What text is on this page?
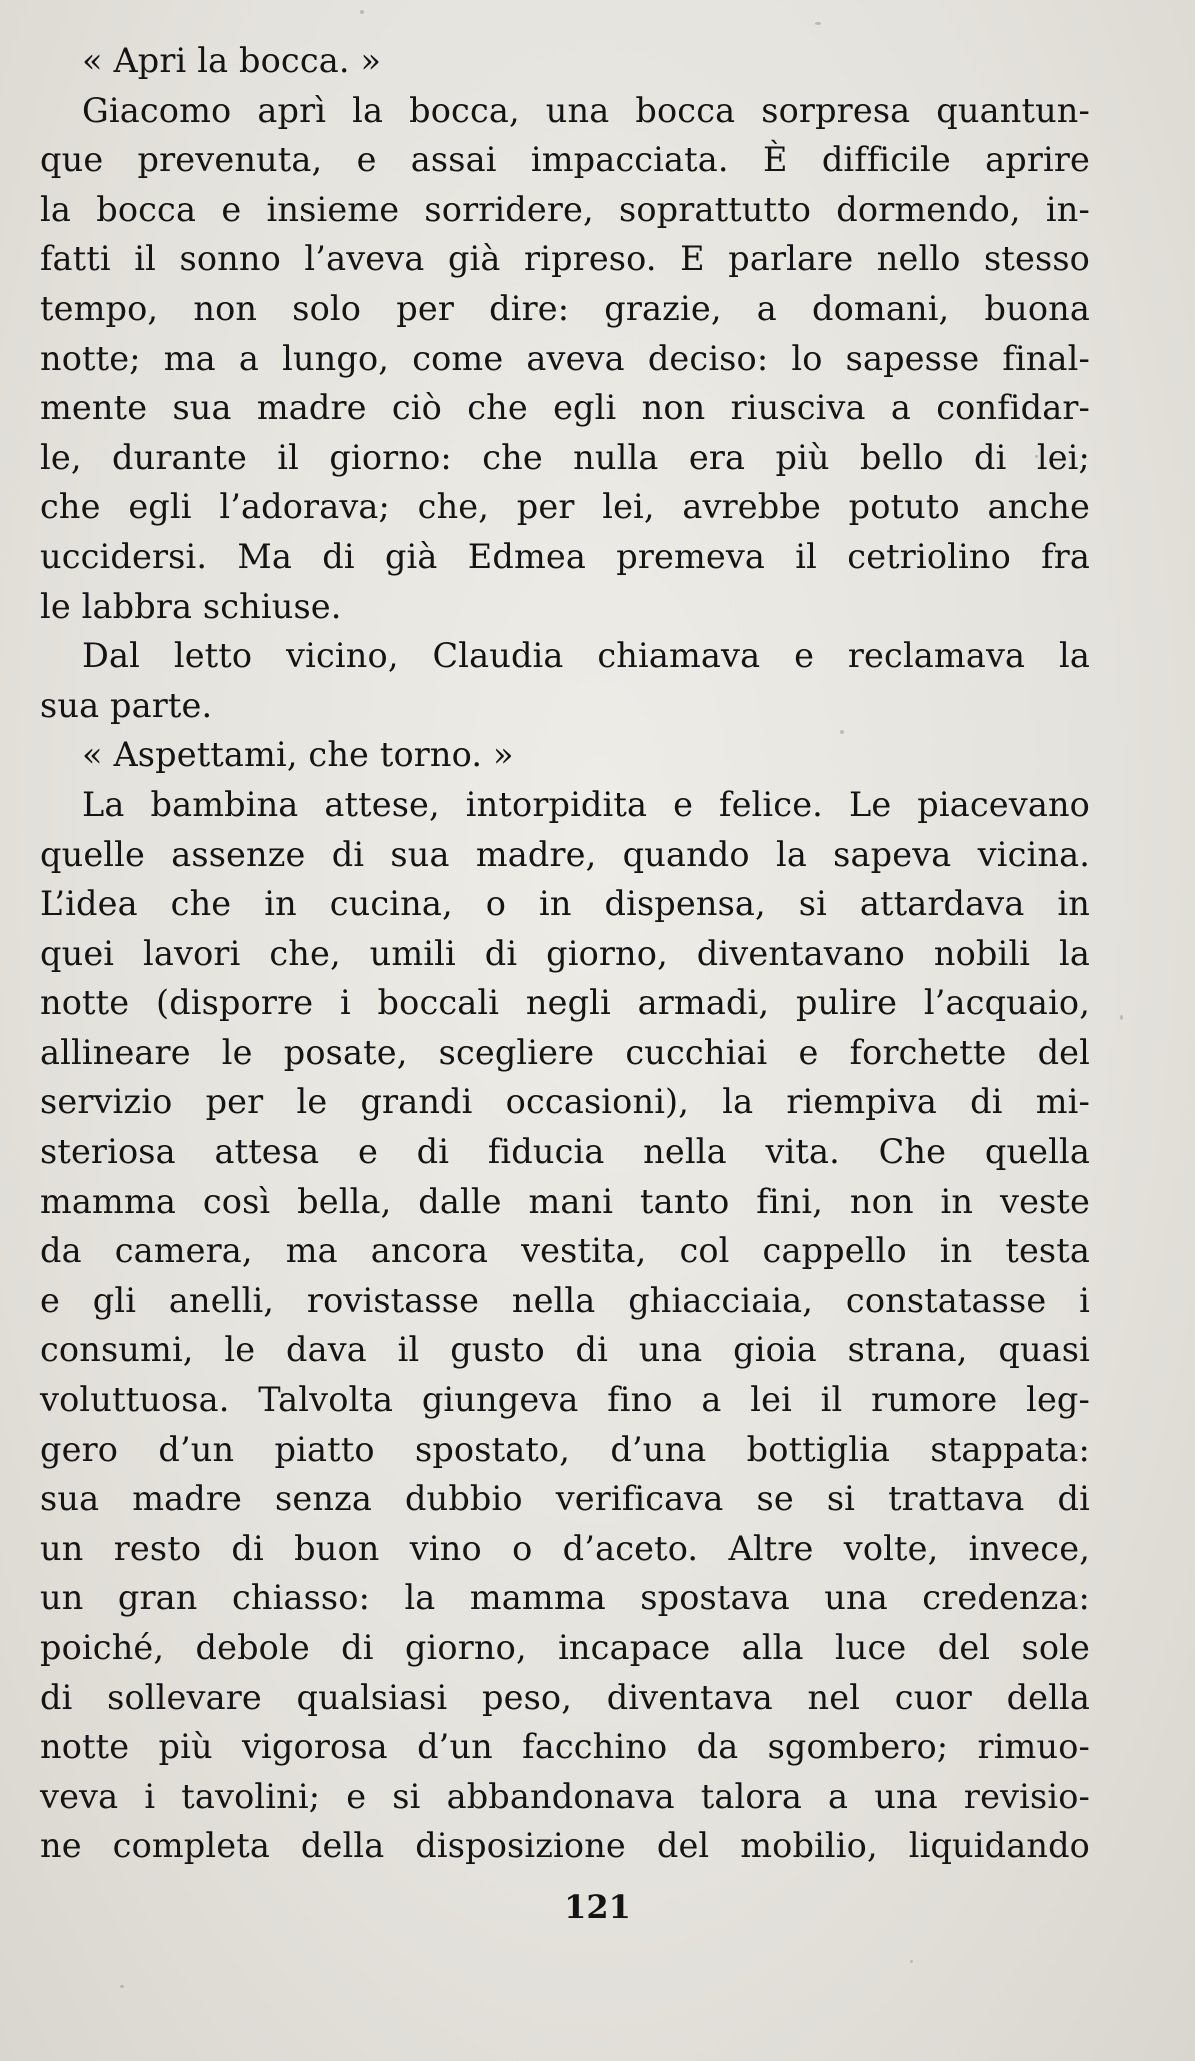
« Apri la bocca. »
Giacomo aprì la bocca, una bocca sorpresa quantun-
que prevenuta, e assai impacciata. È difficile aprire
la bocca e insieme sorridere, soprattutto dormendo, in-
fatti il sonno l’aveva già ripreso. E parlare nello stesso
tempo, non solo per dire: grazie, a domani, buona
notte; ma a lungo, come aveva deciso: lo sapesse final-
mente sua madre ciò che egli non riusciva a confidar-
le, durante il giorno: che nulla era più bello di lei;
che egli l’adorava; che, per lei, avrebbe potuto anche
uccidersi. Ma di già Edmea premeva il cetriolino fra
le labbra schiuse.
Dal letto vicino, Claudia chiamava e reclamava la
sua parte.
« Aspettami, che torno. »
La bambina attese, intorpidita e felice. Le piacevano
quelle assenze di sua madre, quando la sapeva vicina.
L’idea che in cucina, o in dispensa, si attardava in
quei lavori che, umili di giorno, diventavano nobili la
notte (disporre i boccali negli armadi, pulire l’acquaio,
allineare le posate, scegliere cucchiai e forchette del
servizio per le grandi occasioni), la riempiva di mi-
steriosa attesa e di fiducia nella vita. Che quella
mamma così bella, dalle mani tanto fini, non in veste
da camera, ma ancora vestita, col cappello in testa
e gli anelli, rovistasse nella ghiacciaia, constatasse i
consumi, le dava il gusto di una gioia strana, quasi
voluttuosa. Talvolta giungeva fino a lei il rumore leg-
gero d’un piatto spostato, d’una bottiglia stappata:
sua madre senza dubbio verificava se si trattava di
un resto di buon vino o d’aceto. Altre volte, invece,
un gran chiasso: la mamma spostava una credenza:
poiché, debole di giorno, incapace alla luce del sole
di sollevare qualsiasi peso, diventava nel cuor della
notte più vigorosa d’un facchino da sgombero; rimuo-
veva i tavolini; e si abbandonava talora a una revisio-
ne completa della disposizione del mobilio, liquidando
121
